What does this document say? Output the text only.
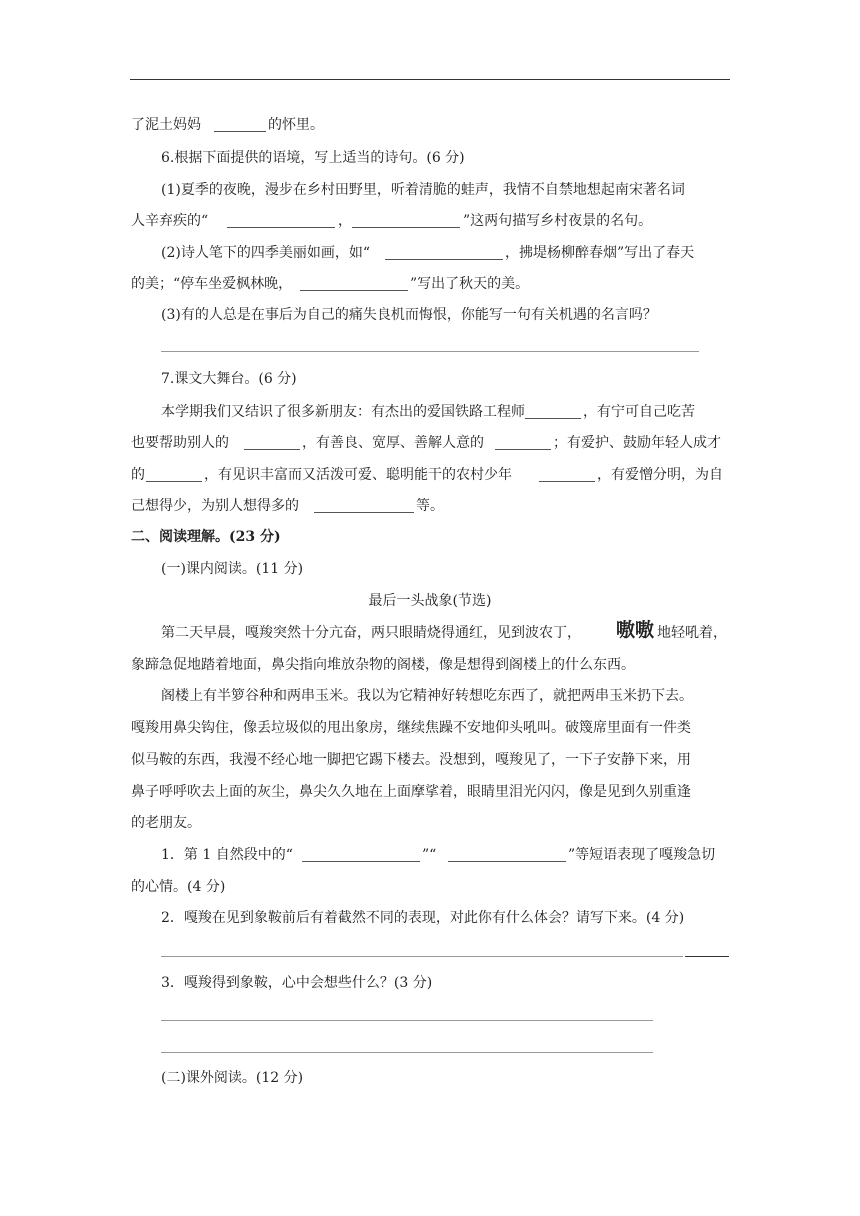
了泥土妈妈	的怀里。
6.根据下面提供的语境，写上适当的诗句。(6 分)
(1)夏季的夜晚，漫步在乡村田野里，听着清脆的蛙声，我情不自禁地想起南宋著名词
人辛弃疾的“	，	”这两句描写乡村夜景的名句。
(2)诗人笔下的四季美丽如画，如“	，拂堤杨柳醉春烟”写出了春天
的美；“停车坐爱枫林晚，	”写出了秋天的美。
(3)有的人总是在事后为自己的痛失良机而悔恨，你能写一句有关机遇的名言吗？
7.课文大舞台。(6 分)
本学期我们又结识了很多新朋友：有杰出的爱国铁路工程师	，有宁可自己吃苦
也要帮助别人的	，有善良、宽厚、善解人意的	；有爱护、鼓励年轻人成才
的	，有见识丰富而又活泼可爱、聪明能干的农村少年	，有爱憎分明，为自
己想得少，为别人想得多的	等。
二、阅读理解。(23 分)
(一)课内阅读。(11 分)
最后一头战象(节选)
第二天早晨，嘎羧突然十分亢奋，两只眼睛烧得通红，见到波农丁， 嗷嗷 地轻吼着，
象蹄急促地踏着地面，鼻尖指向堆放杂物的阁楼，像是想得到阁楼上的什么东西。
阁楼上有半箩谷种和两串玉米。我以为它精神好转想吃东西了，就把两串玉米扔下去。
嘎羧用鼻尖钩住，像丢垃圾似的甩出象房，继续焦躁不安地仰头吼叫。破篾席里面有一件类
似马鞍的东西，我漫不经心地一脚把它踢下楼去。没想到，嘎羧见了，一下子安静下来，用
鼻子呼呼吹去上面的灰尘，鼻尖久久地在上面摩挲着，眼睛里泪光闪闪，像是见到久别重逢
的老朋友。
1．第 1 自然段中的“	”“	”等短语表现了嘎羧急切
的心情。(4 分)
2．嘎羧在见到象鞍前后有着截然不同的表现，对此你有什么体会？请写下来。(4 分)
3．嘎羧得到象鞍，心中会想些什么？(3 分)
(二)课外阅读。(12 分)
